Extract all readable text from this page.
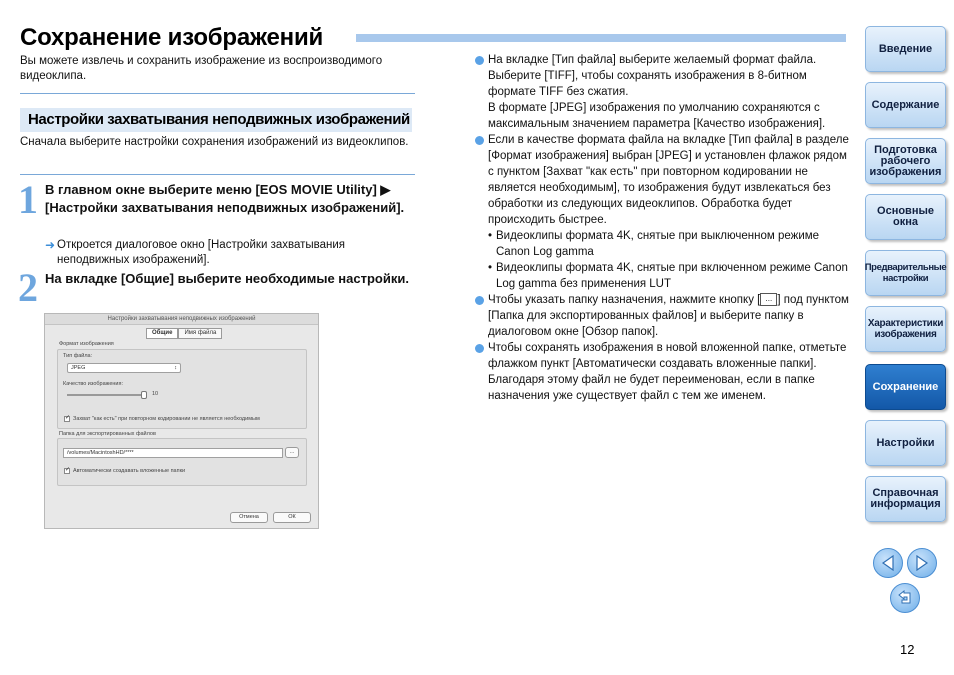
Сохранение изображений
Вы можете извлечь и сохранить изображение из воспроизводимого видеоклипа.
Настройки захватывания неподвижных изображений
Сначала выберите настройки сохранения изображений из видеоклипов.
1 В главном окне выберите меню [EOS MOVIE Utility] ▶ [Настройки захватывания неподвижных изображений].
➜ Откроется диалоговое окно [Настройки захватывания неподвижных изображений].
2 На вкладке [Общие] выберите необходимые настройки.
Настройки захватывания неподвижных изображений
Общие	Имя файла
Формат изображения
Тип файла:
JPEG	↕
Качество изображения:
10
✓ Захват "как есть" при повторном кодировании не является необходимым
Папка для экспортированных файлов
/volumes/MacintoshHD/****	...
✓ Автоматически создавать вложенные папки
Отмена	ОК
На вкладке [Тип файла] выберите желаемый формат файла. Выберите [TIFF], чтобы сохранять изображения в 8-битном формате TIFF без сжатия.
В формате [JPEG] изображения по умолчанию сохраняются с максимальным значением параметра [Качество изображения].
Если в качестве формата файла на вкладке [Тип файла] в разделе [Формат изображения] выбран [JPEG] и установлен флажок рядом с пунктом [Захват "как есть" при повторном кодировании не является необходимым], то изображения будут извлекаться без обработки из следующих видеоклипов. Обработка будет происходить быстрее.
• Видеоклипы формата 4K, снятые при выключенном режиме Canon Log gamma
• Видеоклипы формата 4K, снятые при включенном режиме Canon Log gamma без применения LUT
Чтобы указать папку назначения, нажмите кнопку [ ... ] под пунктом [Папка для экспортированных файлов] и выберите папку в диалоговом окне [Обзор папок].
Чтобы сохранять изображения в новой вложенной папке, отметьте флажком пункт [Автоматически создавать вложенные папки]. Благодаря этому файл не будет переименован, если в папке назначения уже существует файл с тем же именем.
Введение
Содержание
Подготовка рабочего изображения
Основные окна
Предварительные настройки
Характеристики изображения
Сохранение
Настройки
Справочная информация
12
